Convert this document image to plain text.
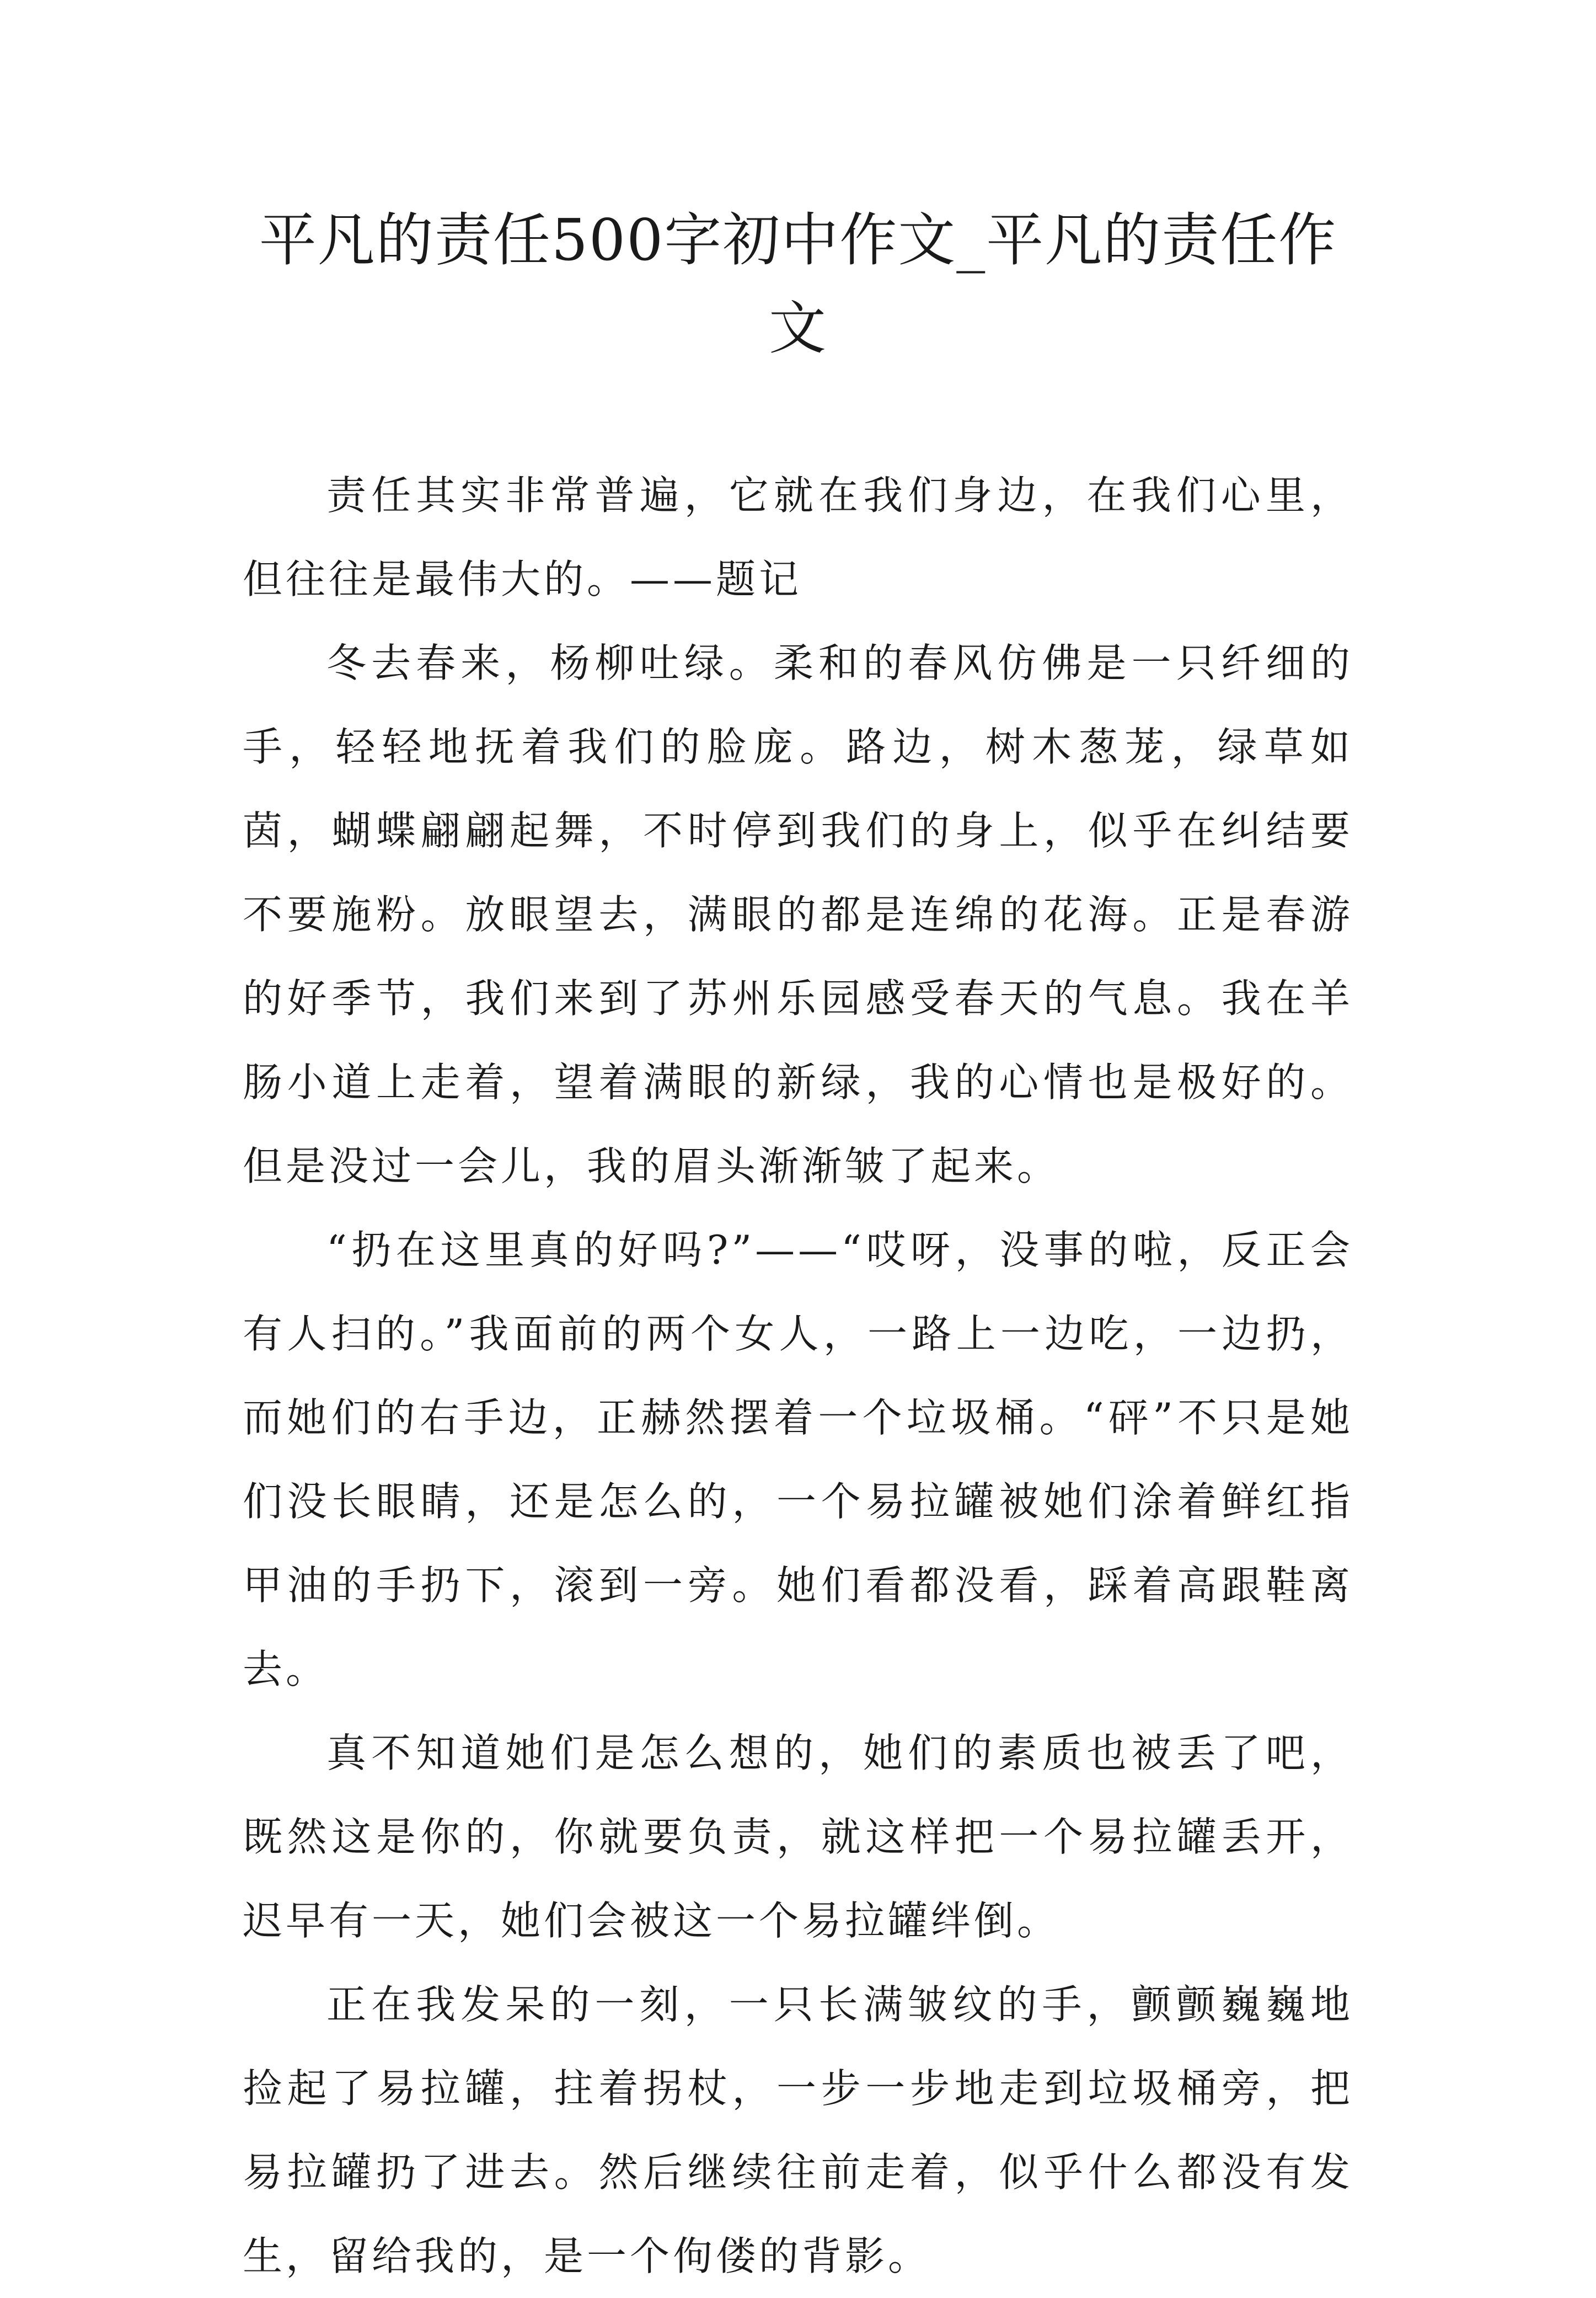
平凡的责任500字初中作文_平凡的责任作文

责任其实非常普遍，它就在我们身边，在我们心里，但往往是最伟大的。——题记

冬去春来，杨柳吐绿。柔和的春风仿佛是一只纤细的手，轻轻地抚着我们的脸庞。路边，树木葱茏，绿草如茵，蝴蝶翩翩起舞，不时停到我们的身上，似乎在纠结要不要施粉。放眼望去，满眼的都是连绵的花海。正是春游的好季节，我们来到了苏州乐园感受春天的气息。我在羊肠小道上走着，望着满眼的新绿，我的心情也是极好的。但是没过一会儿，我的眉头渐渐皱了起来。

“扔在这里真的好吗?”——“哎呀，没事的啦，反正会有人扫的。”我面前的两个女人，一路上一边吃，一边扔，而她们的右手边，正赫然摆着一个垃圾桶。“砰”不只是她们没长眼睛，还是怎么的，一个易拉罐被她们涂着鲜红指甲油的手扔下，滚到一旁。她们看都没看，踩着高跟鞋离去。

真不知道她们是怎么想的，她们的素质也被丢了吧，既然这是你的，你就要负责，就这样把一个易拉罐丢开，迟早有一天，她们会被这一个易拉罐绊倒。

正在我发呆的一刻，一只长满皱纹的手，颤颤巍巍地捡起了易拉罐，拄着拐杖，一步一步地走到垃圾桶旁，把易拉罐扔了进去。然后继续往前走着，似乎什么都没有发生，留给我的，是一个佝偻的背影。
